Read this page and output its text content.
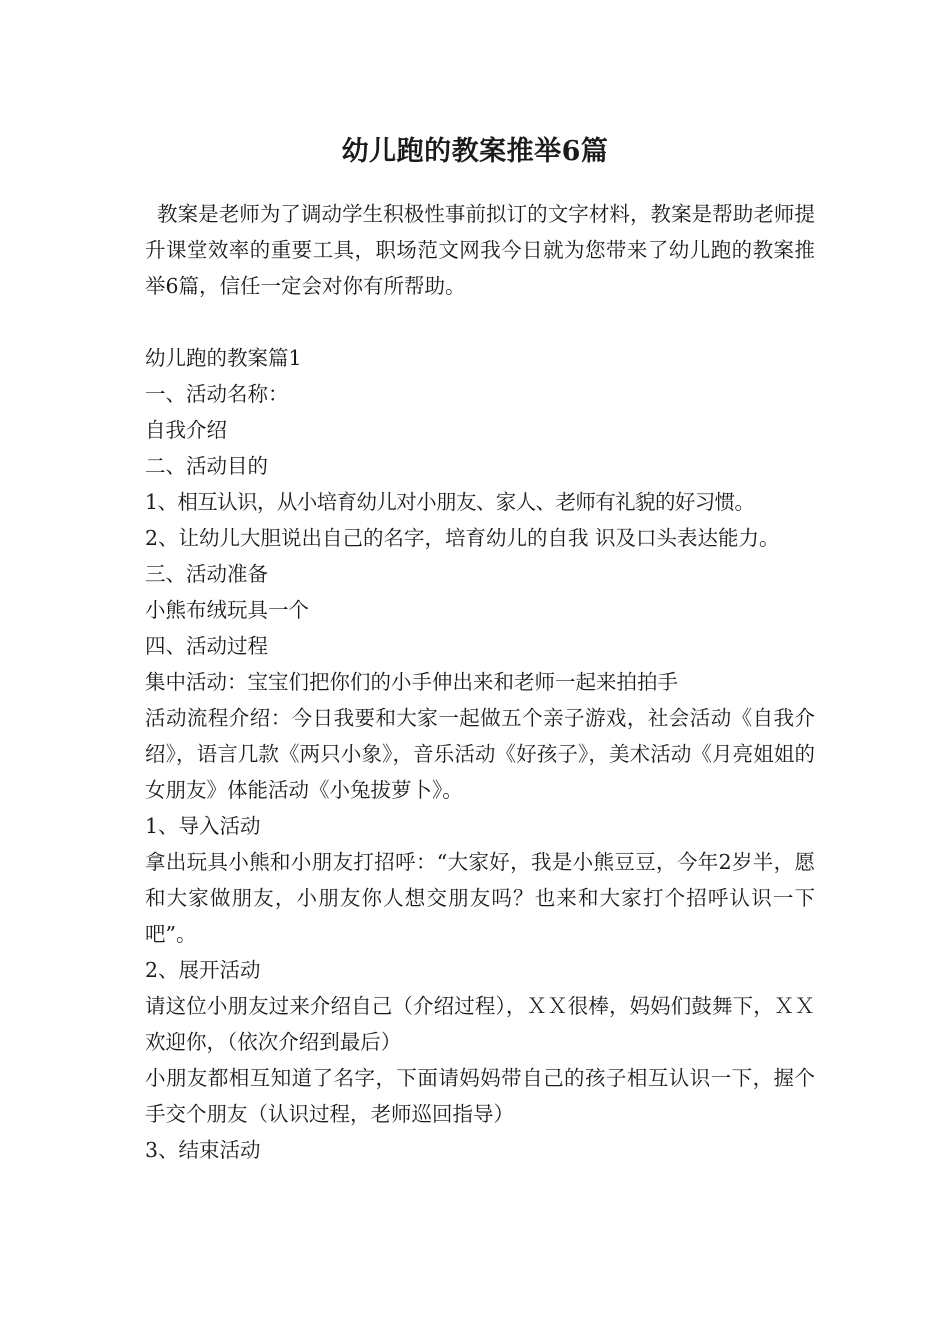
幼儿跑的教案推举6篇

教案是老师为了调动学生积极性事前拟订的文字材料，教案是帮助老师提升课堂效率的重要工具，职场范文网我今日就为您带来了幼儿跑的教案推举6篇，信任一定会对你有所帮助。

幼儿跑的教案篇1

一、活动名称：

自我介绍

二、活动目的

1、相互认识，从小培育幼儿对小朋友、家人、老师有礼貌的好习惯。

2、让幼儿大胆说出自己的名字，培育幼儿的自我 识及口头表达能力。

三、活动准备

小熊布绒玩具一个

四、活动过程

集中活动：宝宝们把你们的小手伸出来和老师一起来拍拍手

活动流程介绍：今日我要和大家一起做五个亲子游戏，社会活动《自我介绍》，语言几款《两只小象》，音乐活动《好孩子》，美术活动《月亮姐姐的女朋友》体能活动《小兔拔萝卜》。

1、导入活动

拿出玩具小熊和小朋友打招呼：“大家好，我是小熊豆豆，今年2岁半，愿和大家做朋友，小朋友你人想交朋友吗？也来和大家打个招呼认识一下吧”。

2、展开活动

请这位小朋友过来介绍自己（介绍过程），ＸＸ很棒，妈妈们鼓舞下，ＸＸ欢迎你，（依次介绍到最后）

小朋友都相互知道了名字，下面请妈妈带自己的孩子相互认识一下，握个手交个朋友（认识过程，老师巡回指导）

3、结束活动
